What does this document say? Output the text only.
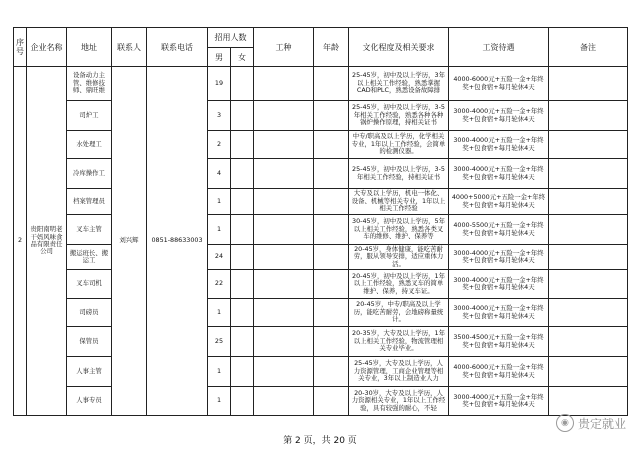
序号	企业名称	地址	联系人	联系电话	招用人数		工种	年龄	文化程度及相关要求	工资待遇	备注
					男	女					
2	贵阳南明老干妈风味食品有限责任公司	设备动力主管、维修技师、鼎旺维	刘兴辉	0851-88633003	19				25-45岁，初中及以上学历，3年以上相关工作经验，熟悉掌握CAD和PLC，熟悉设备故障排	4000-6000元+五险一金+年终奖+包食宿+每月轮休4天	
		司炉工			3				25-45岁，初中及以上学历，3-5年相关工作经验，熟悉各种各种锅炉操作原理，持相关证书	3000-4000元+五险一金+年终奖+包食宿+每月轮休4天	
		水处理工			2				中专/职高及以上学历，化学相关专业，1年以上工作经验，会简单的检测仪器。	3000-4000元+五险一金+年终奖+包食宿+每月轮休4天	
		冷库操作工			4				25-45岁，初中及以上学历，3-5年相关工作经验，持相关证书	3000-4000元+五险一金+年终奖+包食宿+每月轮休4天	
		档案管理员			1				大专及以上学历，机电一体化、设备、机械等相关专业，1年以上相关工作经验	4000+5000元+五险一金+年终奖+包食宿+每月轮休4天	
		叉车主管			1				30-45岁，初中及以上学历，5年以上相关工作经验，熟悉各类叉车的维修、维护、保养等	4000-5500元+五险一金+年终奖+包食宿+每月轮休4天	
		搬运班长、搬运工			24				20-45岁，身体健康，能吃苦耐劳，服从领导安排，适应重体力活。	3000-4000元+五险一金+年终奖+包食宿+每月轮休4天	
		叉车司机			22				20-45岁，初中及以上学历，1年以上工作经验，熟悉叉车的简单维护、保养，持叉车证。	3000-4000元+五险一金+年终奖+包食宿+每月轮休4天	
		司磅员			1				20-45岁，中专/职高及以上学历，能吃苦耐劳，会地磅称量统计。	3000-4000元+五险一金+年终奖+包食宿+每月轮休4天	
		保管员			25				20-35岁，大专及以上学历，1年以上相关工作经验，物流管理相关专业毕业。	3500-4500元+五险一金+年终奖+包食宿+每月轮休4天	
		人事主管			1				25-45岁，大专及以上学历，人力资源管理，工商企业管理等相关专业，3年以上制造业人力	4000-6000元+五险一金+年终奖+包食宿+每月轮休4天	
		人事专员			1				20-30岁，大专及以上学历，人力资源相关专业，1年以上工作经验，具有较强的耐心，不轻	3000-4000元+五险一金+年终奖+包食宿+每月轮休4天	
◉ 贵定就业
第 2 页，共 20 页
